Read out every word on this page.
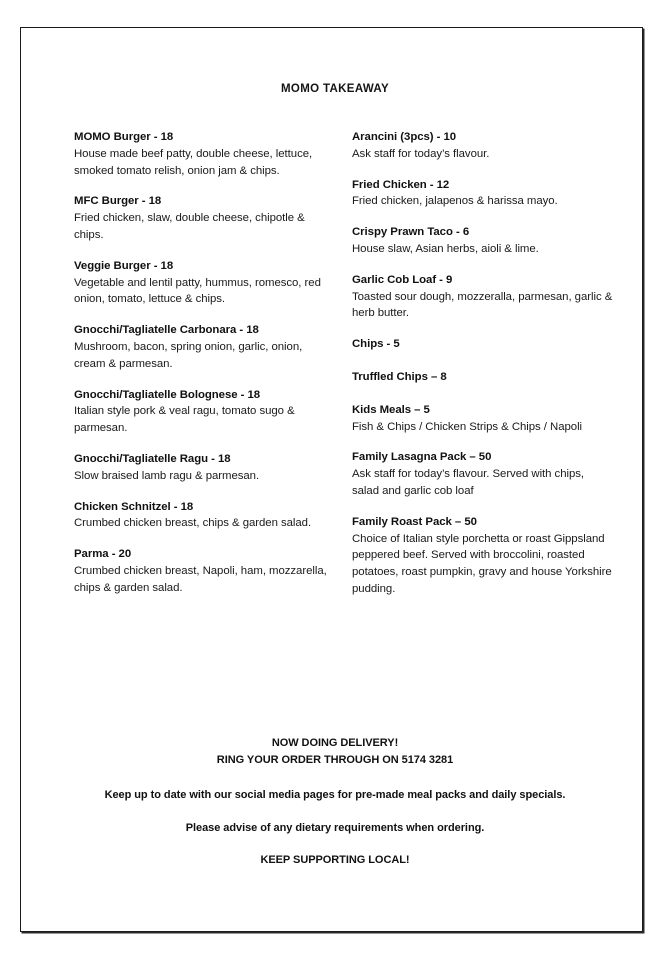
MOMO TAKEAWAY
MOMO Burger - 18
House made beef patty, double cheese, lettuce, smoked tomato relish, onion jam & chips.
MFC Burger - 18
Fried chicken, slaw, double cheese, chipotle & chips.
Veggie Burger - 18
Vegetable and lentil patty, hummus, romesco, red onion, tomato, lettuce & chips.
Gnocchi/Tagliatelle Carbonara - 18
Mushroom, bacon, spring onion, garlic, onion, cream & parmesan.
Gnocchi/Tagliatelle Bolognese - 18
Italian style pork & veal ragu, tomato sugo & parmesan.
Gnocchi/Tagliatelle Ragu - 18
Slow braised lamb ragu & parmesan.
Chicken Schnitzel - 18
Crumbed chicken breast, chips & garden salad.
Parma - 20
Crumbed chicken breast, Napoli, ham, mozzarella, chips & garden salad.
Arancini (3pcs) - 10
Ask staff for today’s flavour.
Fried Chicken - 12
Fried chicken, jalapenos & harissa mayo.
Crispy Prawn Taco - 6
House slaw, Asian herbs, aioli & lime.
Garlic Cob Loaf - 9
Toasted sour dough, mozzeralla, parmesan, garlic & herb butter.
Chips - 5
Truffled Chips – 8
Kids Meals – 5
Fish & Chips / Chicken Strips & Chips / Napoli
Family Lasagna Pack – 50
Ask staff for today’s flavour. Served with chips, salad and garlic cob loaf
Family Roast Pack – 50
Choice of Italian style porchetta or roast Gippsland peppered beef. Served with broccolini, roasted potatoes, roast pumpkin, gravy and house Yorkshire pudding.
NOW DOING DELIVERY!
RING YOUR ORDER THROUGH ON 5174 3281
Keep up to date with our social media pages for pre-made meal packs and daily specials.
Please advise of any dietary requirements when ordering.
KEEP SUPPORTING LOCAL!
